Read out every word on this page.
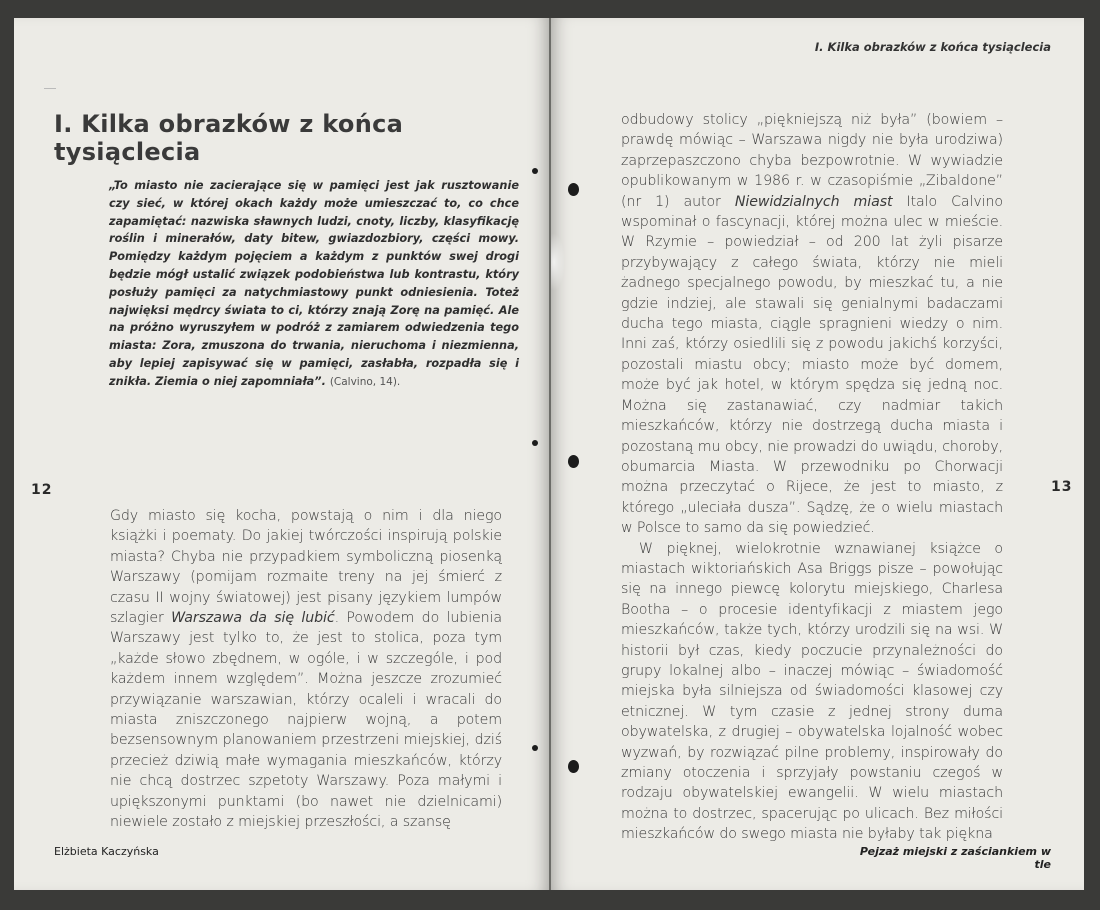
I. Kilka obrazków z końca tysiąclecia
„To miasto nie zacierające się w pamięci jest jak rusztowanie czy sieć, w której okach każdy może umieszczać to, co chce zapamiętać: nazwiska sławnych ludzi, cnoty, liczby, klasyfikację roślin i minerałów, daty bitew, gwiazdozbiory, części mowy. Pomiędzy każdym pojęciem a każdym z punktów swej drogi będzie mógł ustalić związek podobieństwa lub kontrastu, który posłuży pamięci za natychmiastowy punkt odniesienia. Toteż najwięksi mędrcy świata to ci, którzy znają Zorę na pamięć. Ale na próżno wyruszyłem w podróż z zamiarem odwiedzenia tego miasta: Zora, zmuszona do trwania, nieruchoma i niezmienna, aby lepiej zapisywać się w pamięci, zasłabła, rozpadła się i znikła. Ziemia o niej zapomniała”. (Calvino, 14).
12

Gdy miasto się kocha, powstają o nim i dla niego książki i poematy. Do jakiej twórczości inspirują polskie miasta? Chyba nie przypadkiem symboliczną piosenką Warszawy (pomijam rozmaite treny na jej śmierć z czasu II wojny światowej) jest pisany językiem lumpów szlagier Warszawa da się lubić. Powodem do lubienia Warszawy jest tylko to, że jest to stolica, poza tym „każde słowo zbędnem, w ogóle, i w szczególe, i pod każdem innem względem”. Można jeszcze zrozumieć przywiązanie warszawian, którzy ocaleli i wracali do miasta zniszczonego najpierw wojną, a potem bezsensownym planowaniem przestrzeni miejskiej, dziś przecież dziwią małe wymagania mieszkańców, którzy nie chcą dostrzec szpetoty Warszawy. Poza małymi i upiększonymi punktami (bo nawet nie dzielnicami) niewiele zostało z miejskiej przeszłości, a szansę

Elżbieta Kaczyńska
I. Kilka obrazków z końca tysiąclecia

odbudowy stolicy „piękniejszą niż była” (bowiem – prawdę mówiąc – Warszawa nigdy nie była urodziwa) zaprzepaszczono chyba bezpowrotnie. W wywiadzie opublikowanym w 1986 r. w czasopiśmie „Zibaldone” (nr 1) autor Niewidzialnych miast Italo Calvino wspominał o fascynacji, której można ulec w mieście. W Rzymie – powiedział – od 200 lat żyli pisarze przybywający z całego świata, którzy nie mieli żadnego specjalnego powodu, by mieszkać tu, a nie gdzie indziej, ale stawali się genialnymi badaczami ducha tego miasta, ciągle spragnieni wiedzy o nim. Inni zaś, którzy osiedlili się z powodu jakichś korzyści, pozostali miastu obcy; miasto może być domem, może być jak hotel, w którym spędza się jedną noc. Można się zastanawiać, czy nadmiar takich mieszkańców, którzy nie dostrzegą ducha miasta i pozostaną mu obcy, nie prowadzi do uwiądu, choroby, obumarcia Miasta. W przewodniku po Chorwacji można przeczytać o Rijece, że jest to miasto, z którego „uleciała dusza”. Sądzę, że o wielu miastach w Polsce to samo da się powiedzieć.

W pięknej, wielokrotnie wznawianej książce o miastach wiktoriańskich Asa Briggs pisze – powołując się na innego piewcę kolorytu miejskiego, Charlesa Bootha – o procesie identyfikacji z miastem jego mieszkańców, także tych, którzy urodzili się na wsi. W historii był czas, kiedy poczucie przynależności do grupy lokalnej albo – inaczej mówiąc – świadomość miejska była silniejsza od świadomości klasowej czy etnicznej. W tym czasie z jednej strony duma obywatelska, z drugiej – obywatelska lojalność wobec wyzwań, by rozwiązać pilne problemy, inspirowały do zmiany otoczenia i sprzyjały powstaniu czegoś w rodzaju obywatelskiej ewangelii. W wielu miastach można to dostrzec, spacerując po ulicach. Bez miłości mieszkańców do swego miasta nie byłaby tak piękna

13
Pejzaż miejski z zaściankiem w tle
